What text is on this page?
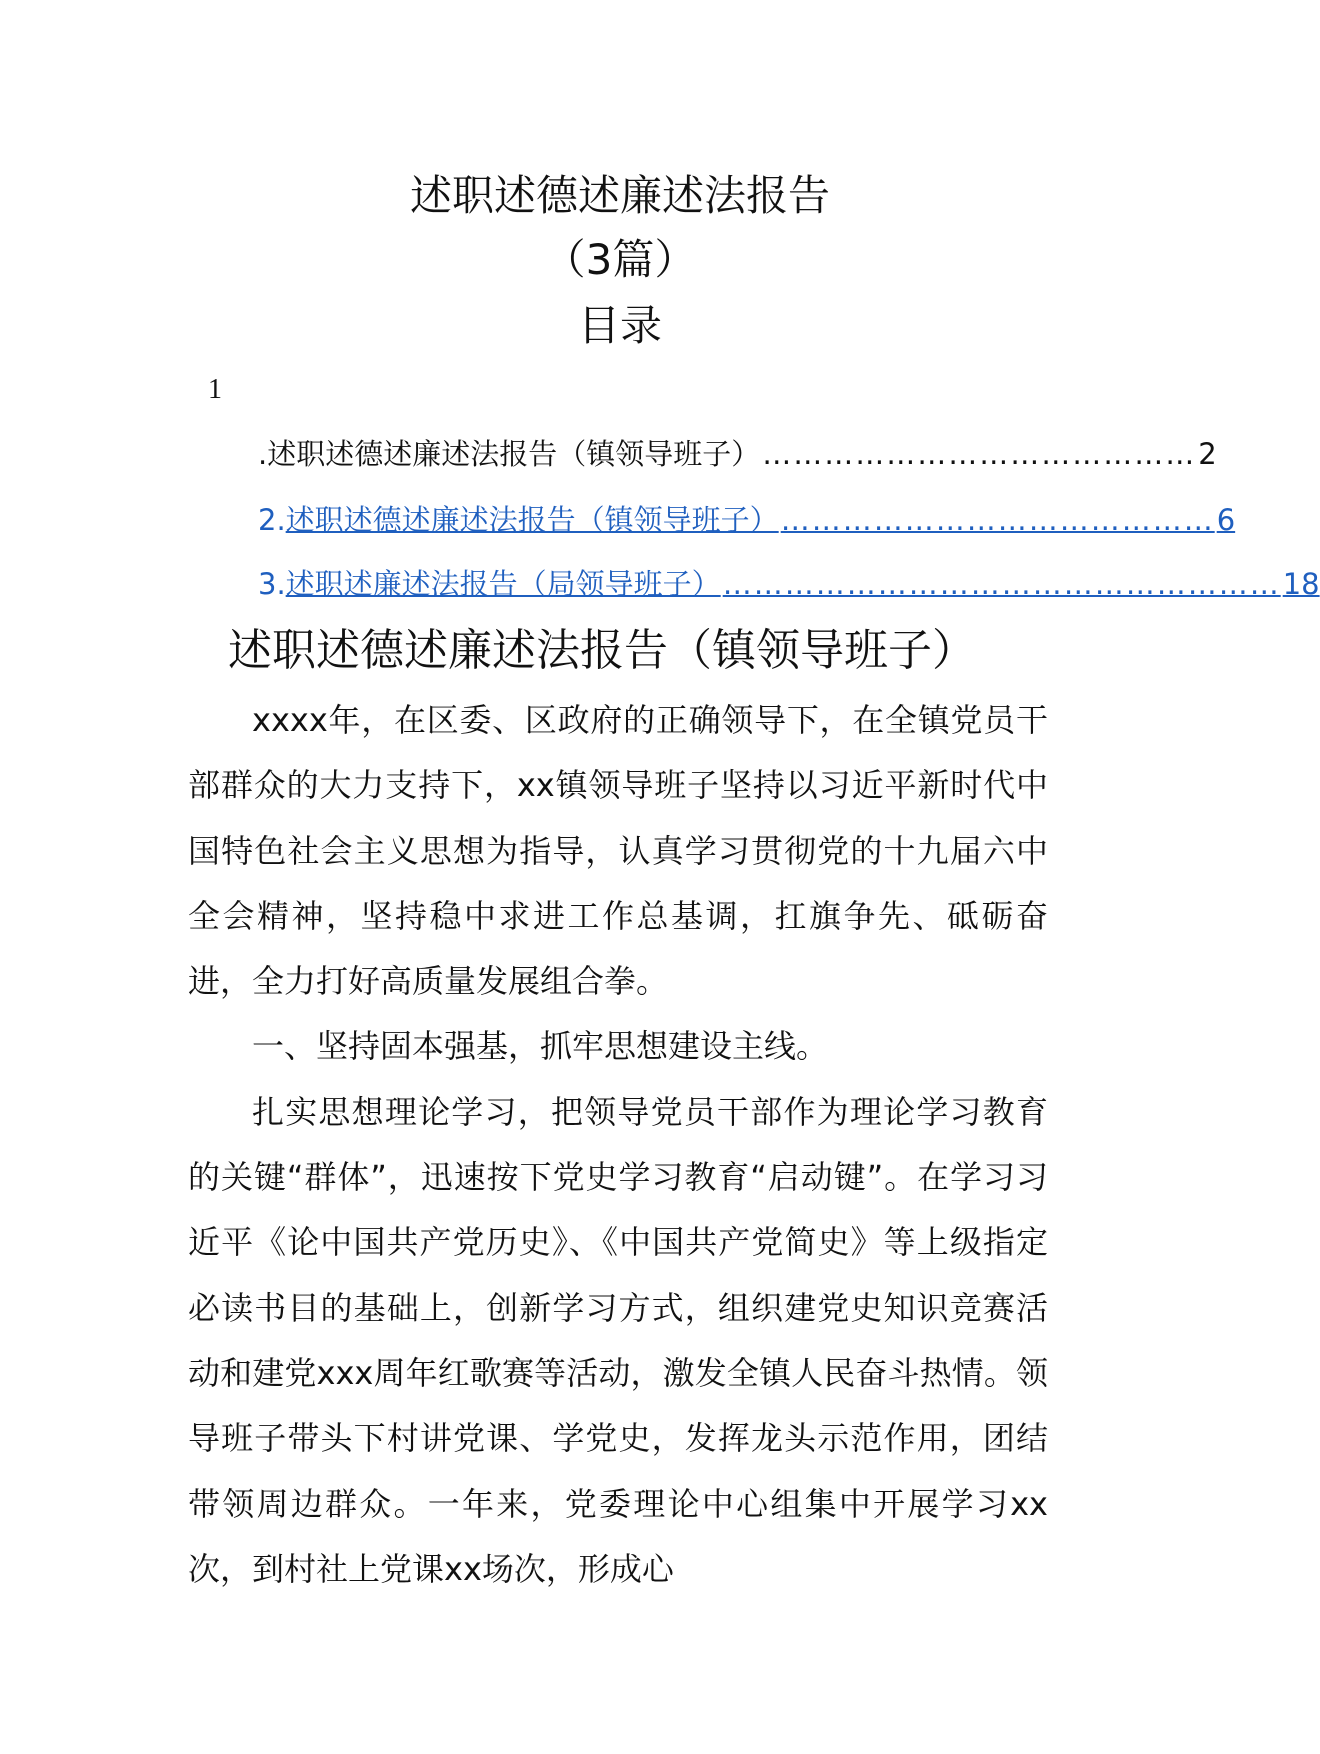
述职述德述廉述法报告
（3篇）
目录
1
.述职述德述廉述法报告（镇领导班子） …………………………………… 2
2. 述职述德述廉述法报告（镇领导班子） …………………………………… 6
3. 述职述廉述法报告（局领导班子） ……………………………………………… 18
述职述德述廉述法报告（镇领导班子）

xxxx年，在区委、区政府的正确领导下，在全镇党员干部群众的大力支持下，xx镇领导班子坚持以习近平新时代中国特色社会主义思想为指导，认真学习贯彻党的十九届六中全会精神，坚持稳中求进工作总基调，扛旗争先、砥砺奋进，全力打好高质量发展组合拳。

一、坚持固本强基，抓牢思想建设主线。

扎实思想理论学习，把领导党员干部作为理论学习教育的关键“群体”，迅速按下党史学习教育“启动键”。在学习习近平《论中国共产党历史》、《中国共产党简史》等上级指定必读书目的基础上，创新学习方式，组织建党史知识竞赛活动和建党xxx周年红歌赛等活动，激发全镇人民奋斗热情。领导班子带头下村讲党课、学党史，发挥龙头示范作用，团结带领周边群众。一年来，党委理论中心组集中开展学习xx次，到村社上党课xx场次，形成心
